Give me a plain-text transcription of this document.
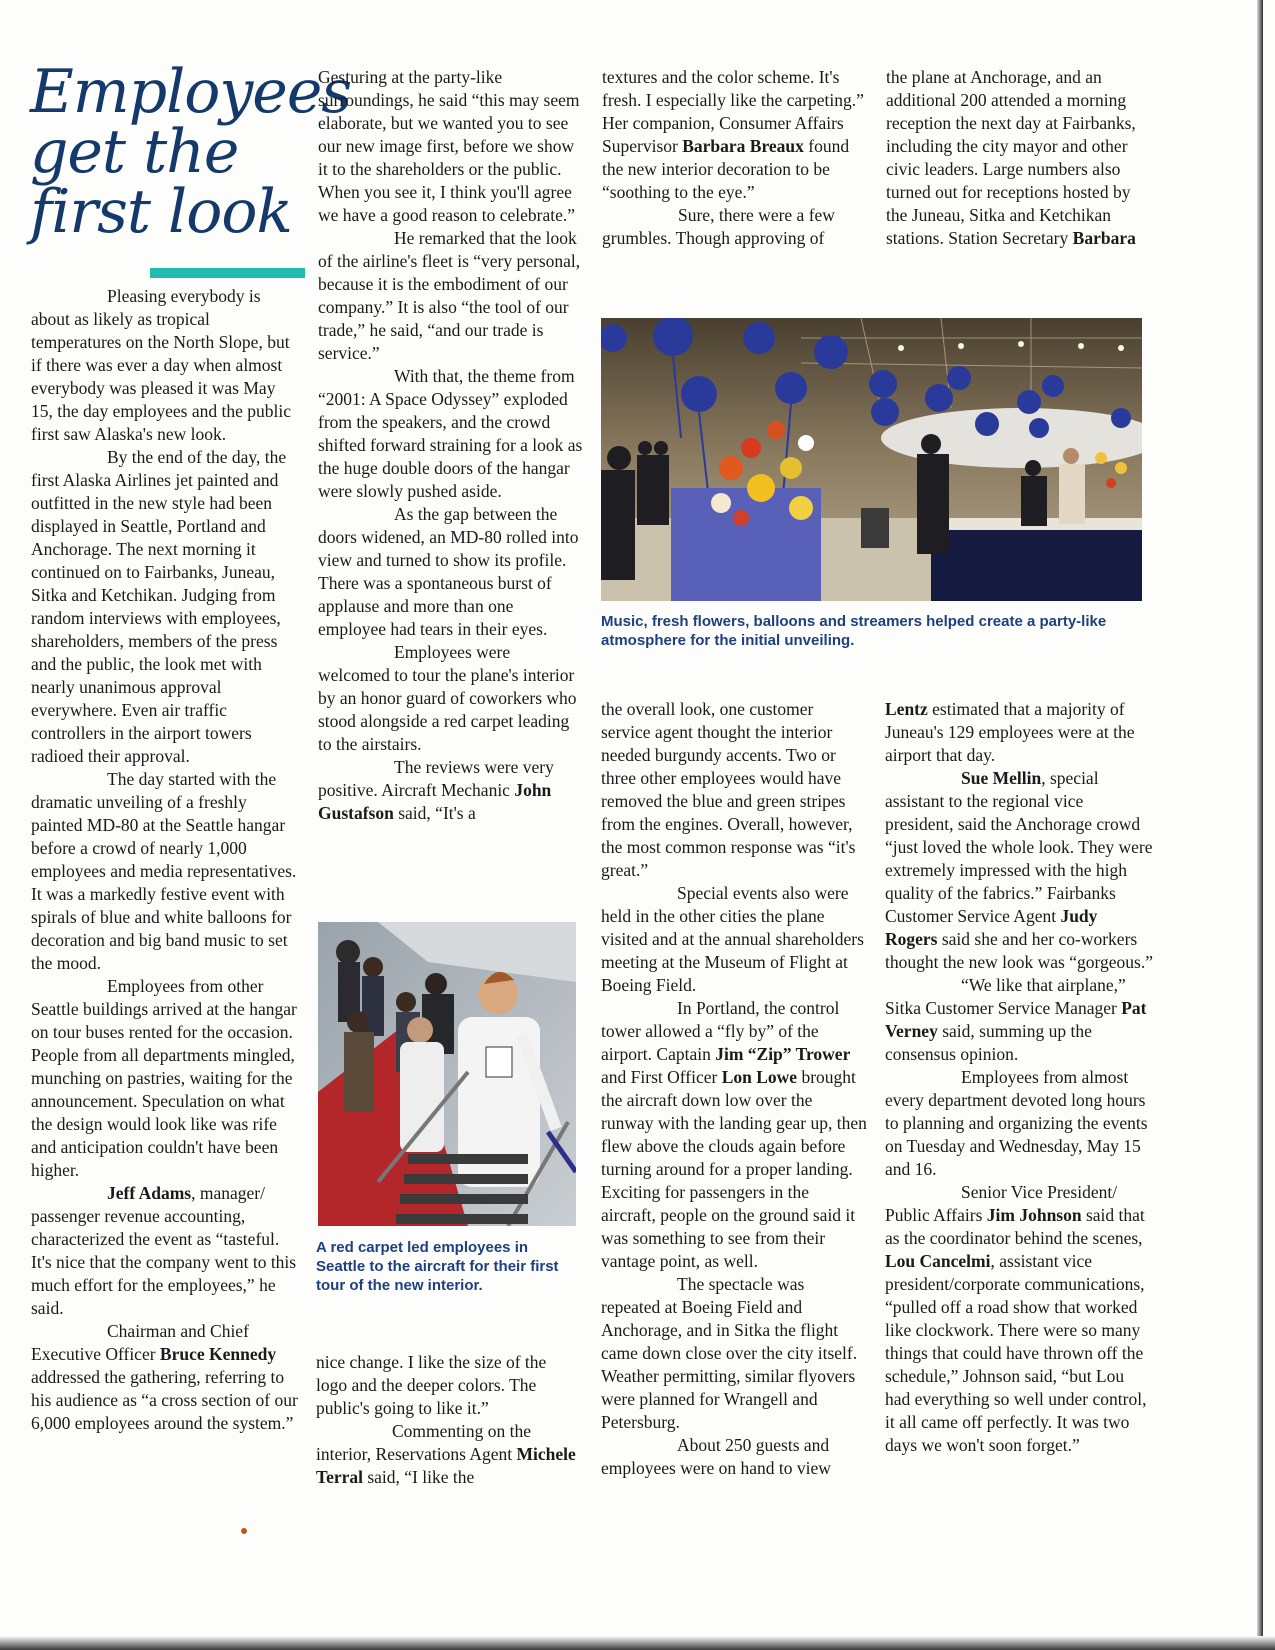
Employees
get the
first look

Pleasing everybody is about as likely as tropical temperatures on the North Slope, but if there was ever a day when almost everybody was pleased it was May 15, the day employees and the public first saw Alaska's new look.

By the end of the day, the first Alaska Airlines jet painted and outfitted in the new style had been displayed in Seattle, Portland and Anchorage. The next morning it continued on to Fairbanks, Juneau, Sitka and Ketchikan. Judging from random interviews with employees, shareholders, members of the press and the public, the look met with nearly unanimous approval everywhere. Even air traffic controllers in the airport towers radioed their approval.

The day started with the dramatic unveiling of a freshly painted MD-80 at the Seattle hangar before a crowd of nearly 1,000 employees and media representatives. It was a markedly festive event with spirals of blue and white balloons for decoration and big band music to set the mood.

Employees from other Seattle buildings arrived at the hangar on tour buses rented for the occasion. People from all departments mingled, munching on pastries, waiting for the announcement. Speculation on what the design would look like was rife and anticipation couldn't have been higher.

Jeff Adams, manager/ passenger revenue accounting, characterized the event as “tasteful. It's nice that the company went to this much effort for the employees,” he said.

Chairman and Chief Executive Officer Bruce Kennedy addressed the gathering, referring to his audience as “a cross section of our 6,000 employees around the system.”

Gesturing at the party-like surroundings, he said “this may seem elaborate, but we wanted you to see our new image first, before we show it to the shareholders or the public. When you see it, I think you'll agree we have a good reason to celebrate.”

He remarked that the look of the airline's fleet is “very personal, because it is the embodiment of our company.” It is also “the tool of our trade,” he said, “and our trade is service.”

With that, the theme from “2001: A Space Odyssey” exploded from the speakers, and the crowd shifted forward straining for a look as the huge double doors of the hangar were slowly pushed aside.

As the gap between the doors widened, an MD-80 rolled into view and turned to show its profile. There was a spontaneous burst of applause and more than one employee had tears in their eyes.

Employees were welcomed to tour the plane's interior by an honor guard of coworkers who stood alongside a red carpet leading to the airstairs.

The reviews were very positive. Aircraft Mechanic John Gustafson said, “It's a

A red carpet led employees in Seattle to the aircraft for their first tour of the new interior.

nice change. I like the size of the logo and the deeper colors. The public's going to like it.”

Commenting on the interior, Reservations Agent Michele Terral said, “I like the

textures and the color scheme. It's fresh. I especially like the carpeting.” Her companion, Consumer Affairs Supervisor Barbara Breaux found the new interior decoration to be “soothing to the eye.”

Sure, there were a few grumbles. Though approving of

the plane at Anchorage, and an additional 200 attended a morning reception the next day at Fairbanks, including the city mayor and other civic leaders. Large numbers also turned out for receptions hosted by the Juneau, Sitka and Ketchikan stations. Station Secretary Barbara

Music, fresh flowers, balloons and streamers helped create a party-like atmosphere for the initial unveiling.

the overall look, one customer service agent thought the interior needed burgundy accents. Two or three other employees would have removed the blue and green stripes from the engines. Overall, however, the most common response was “it's great.”

Special events also were held in the other cities the plane visited and at the annual shareholders meeting at the Museum of Flight at Boeing Field.

In Portland, the control tower allowed a “fly by” of the airport. Captain Jim “Zip” Trower and First Officer Lon Lowe brought the aircraft down low over the runway with the landing gear up, then flew above the clouds again before turning around for a proper landing. Exciting for passengers in the aircraft, people on the ground said it was something to see from their vantage point, as well.

The spectacle was repeated at Boeing Field and Anchorage, and in Sitka the flight came down close over the city itself. Weather permitting, similar flyovers were planned for Wrangell and Petersburg.

About 250 guests and employees were on hand to view

Lentz estimated that a majority of Juneau's 129 employees were at the airport that day.

Sue Mellin, special assistant to the regional vice president, said the Anchorage crowd “just loved the whole look. They were extremely impressed with the high quality of the fabrics.” Fairbanks Customer Service Agent Judy Rogers said she and her co-workers thought the new look was “gorgeous.”

“We like that airplane,” Sitka Customer Service Manager Pat Verney said, summing up the consensus opinion.

Employees from almost every department devoted long hours to planning and organizing the events on Tuesday and Wednesday, May 15 and 16.

Senior Vice President/ Public Affairs Jim Johnson said that as the coordinator behind the scenes, Lou Cancelmi, assistant vice president/corporate communications, “pulled off a road show that worked like clockwork. There were so many things that could have thrown off the schedule,” Johnson said, “but Lou had everything so well under control, it all came off perfectly. It was two days we won't soon forget.”
